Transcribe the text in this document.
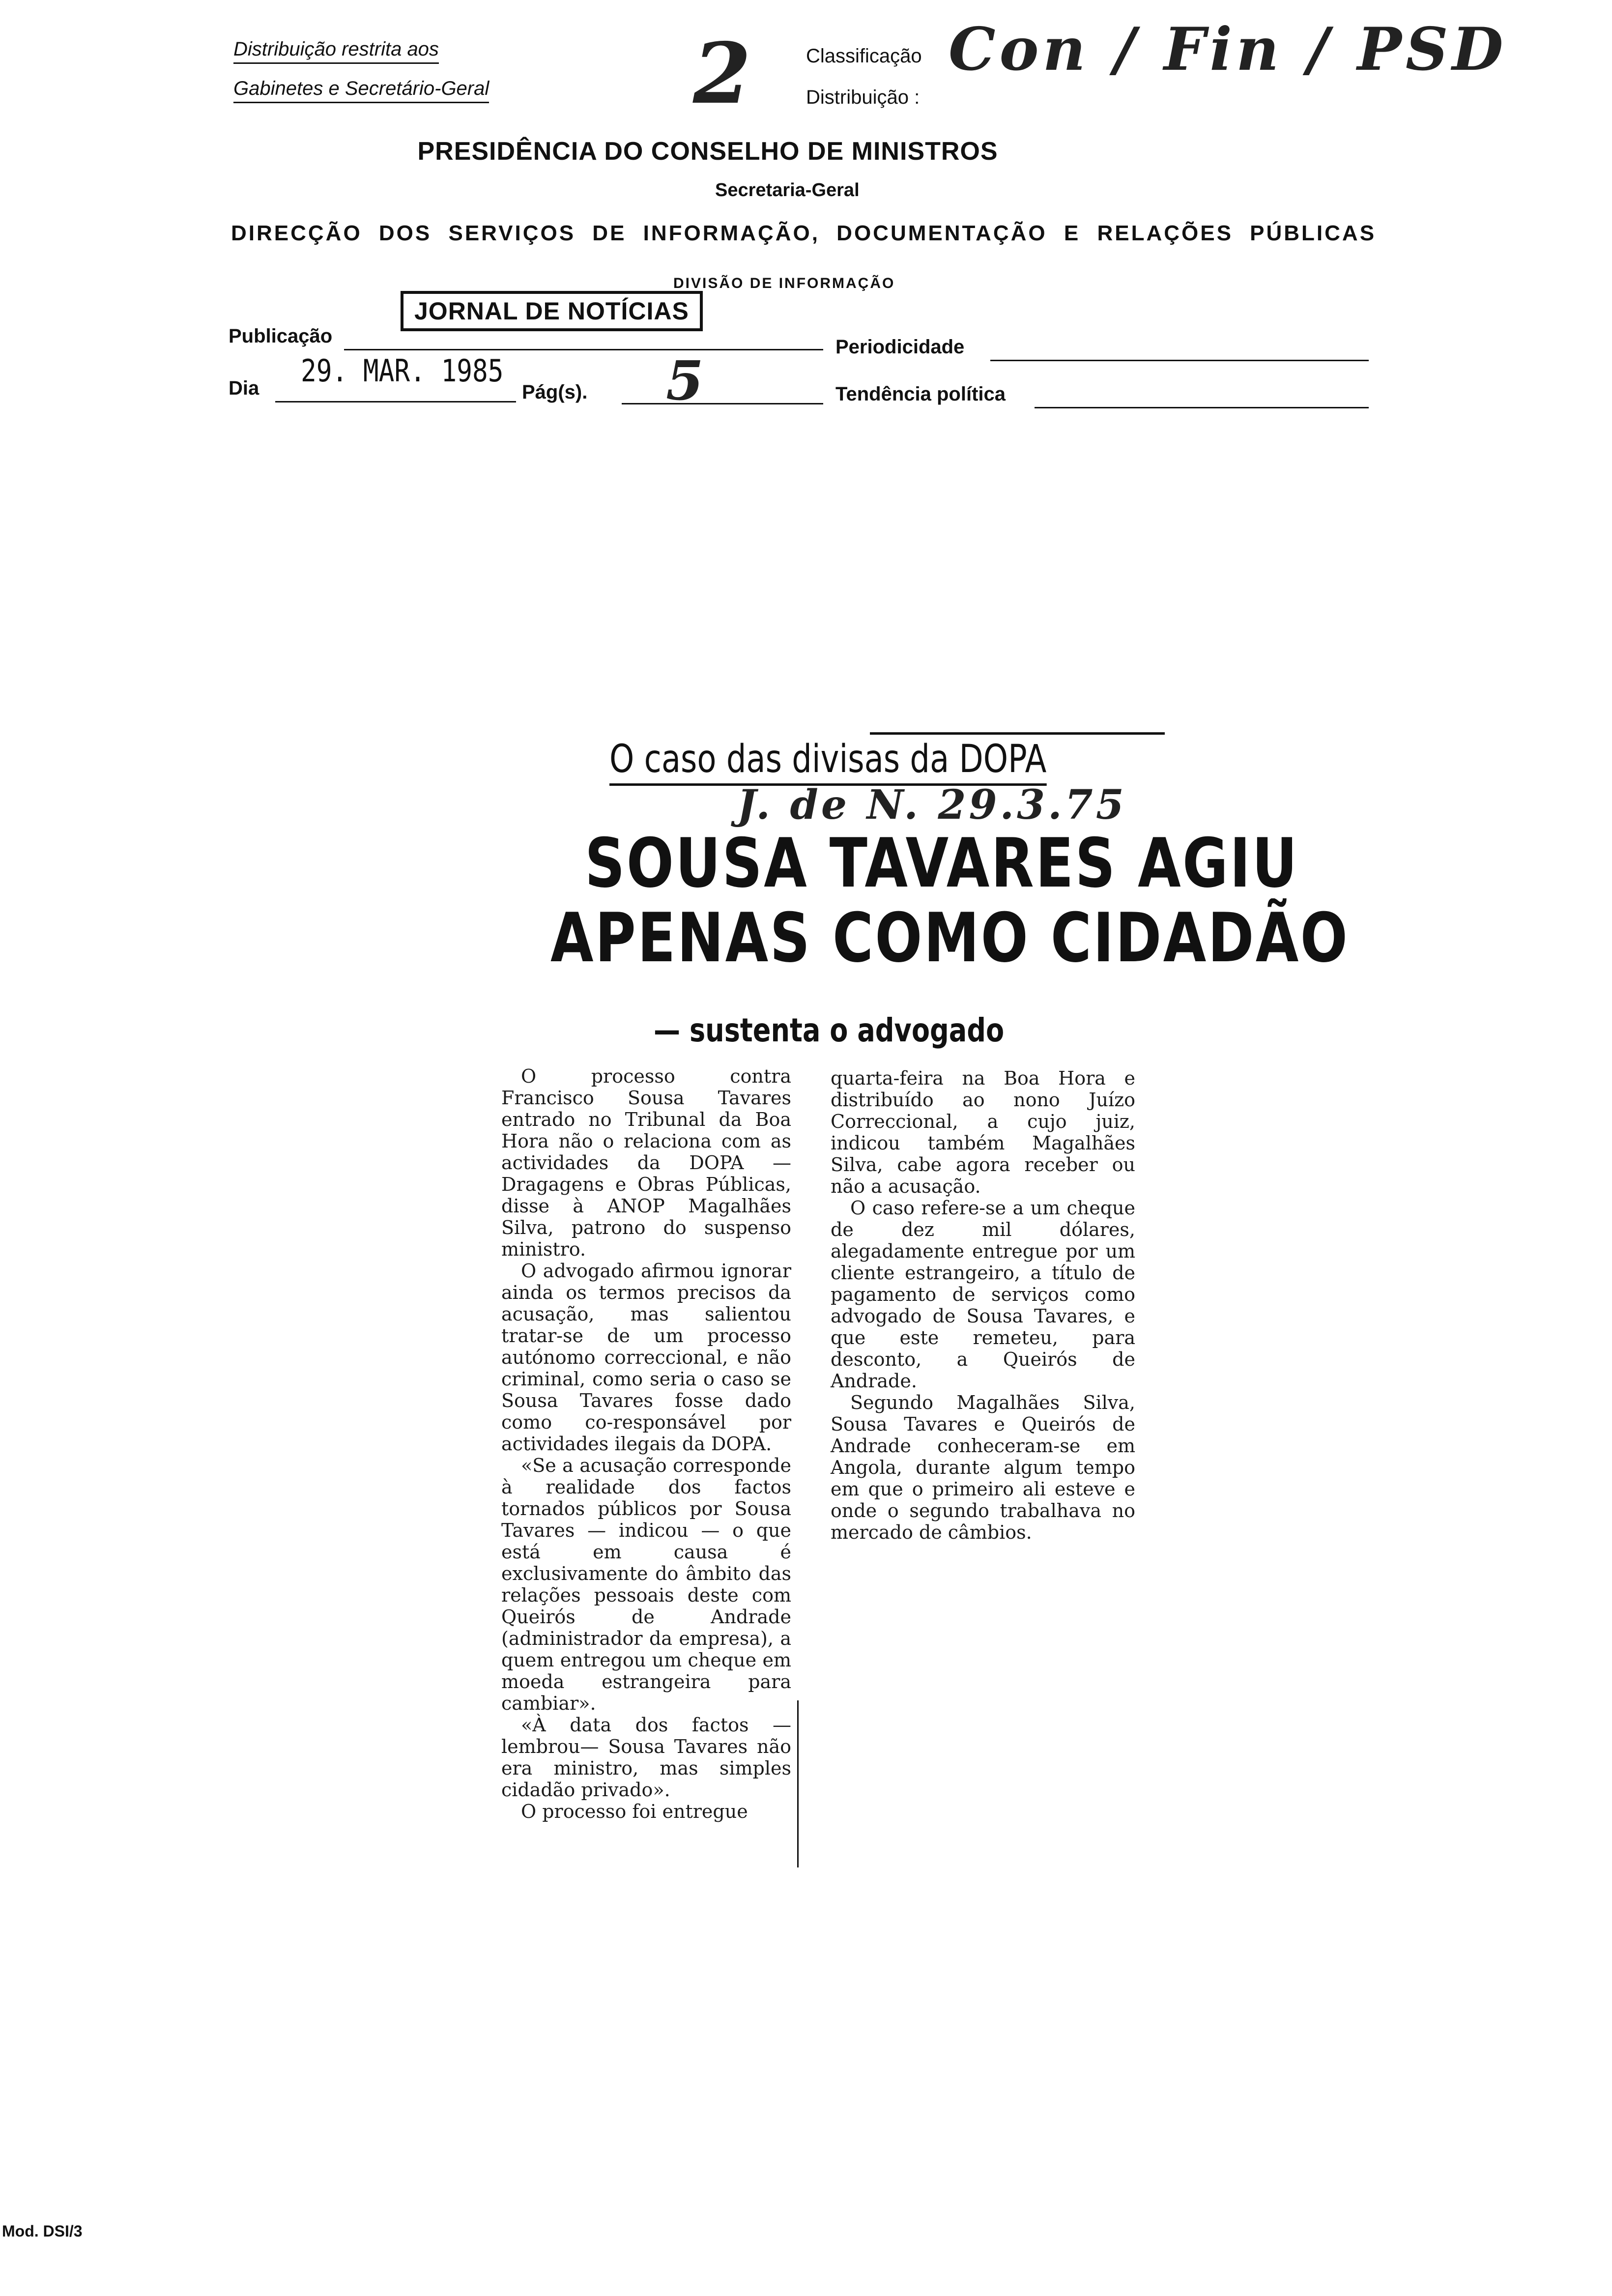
Distribuição restrita aos
Gabinetes e Secretário-Geral 2	Classificação
Distribuição :
Con / Fin / PSD
PRESIDÊNCIA DO CONSELHO DE MINISTROS
Secretaria-Geral
DIRECÇÃO DOS SERVIÇOS DE INFORMAÇÃO, DOCUMENTAÇÃO E RELAÇÕES PÚBLICAS
DIVISÃO DE INFORMAÇÃO
Publicação
JORNAL DE NOTÍCIAS
Periodicidade
Dia 29. MAR. 1985
Pág(s). 5	Tendência política
O caso das divisas da DOPA
J. de N. 29.3.75
SOUSA TAVARES AGIU
APENAS COMO CIDADÃO
— sustenta o advogado

O processo contra Francisco Sousa Tavares entrado no Tribunal da Boa Hora não o relaciona com as actividades da DOPA — Dragagens e Obras Públicas, disse à ANOP Magalhães Silva, patrono do suspenso ministro.

O advogado afirmou ignorar ainda os termos precisos da acusação, mas salientou tratar-se de um processo autónomo correccional, e não criminal, como seria o caso se Sousa Tavares fosse dado como co-responsável por actividades ilegais da DOPA.

«Se a acusação corresponde à realidade dos factos tornados públicos por Sousa Tavares — indicou — o que está em causa é exclusivamente do âmbito das relações pessoais deste com Queirós de Andrade (administrador da empresa), a quem entregou um cheque em moeda estrangeira para cambiar».

«À data dos factos — lembrou— Sousa Tavares não era ministro, mas simples cidadão privado».

O processo foi entregue

quarta-feira na Boa Hora e distribuído ao nono Juízo Correccional, a cujo juiz, indicou também Magalhães Silva, cabe agora receber ou não a acusação.

O caso refere-se a um cheque de dez mil dólares, alegadamente entregue por um cliente estrangeiro, a título de pagamento de serviços como advogado de Sousa Tavares, e que este remeteu, para desconto, a Queirós de Andrade.

Segundo Magalhães Silva, Sousa Tavares e Queirós de Andrade conheceram-se em Angola, durante algum tempo em que o primeiro ali esteve e onde o segundo trabalhava no mercado de câmbios.

Mod. DSI/3
